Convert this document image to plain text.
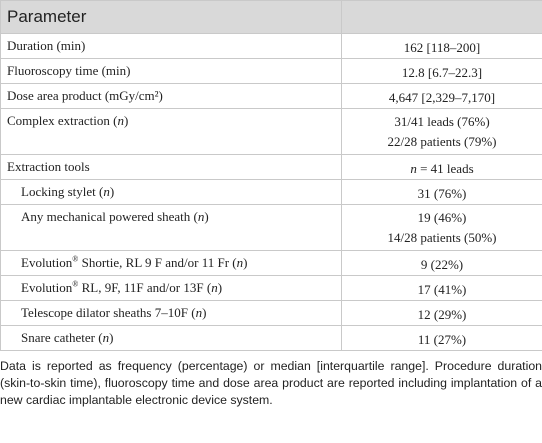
Parameter	
Duration (min)	162 [118–200]
Fluoroscopy time (min)	12.8 [6.7–22.3]
Dose area product (mGy/cm²)	4,647 [2,329–7,170]
Complex extraction (n)	31/41 leads (76%)
22/28 patients (79%)

Extraction tools	n = 41 leads
Locking stylet (n)	31 (76%)
Any mechanical powered sheath (n)	19 (46%)
14/28 patients (50%)

Evolution® Shortie, RL 9 F and/or 11 Fr (n)	9 (22%)
Evolution® RL, 9F, 11F and/or 13F (n)	17 (41%)
Telescope dilator sheaths 7–10F (n)	12 (29%)
Snare catheter (n)	11 (27%)
Data is reported as frequency (percentage) or median [interquartile range]. Procedure duration (skin-to-skin time), fluoroscopy time and dose area product are reported including implantation of a new cardiac implantable electronic device system.
